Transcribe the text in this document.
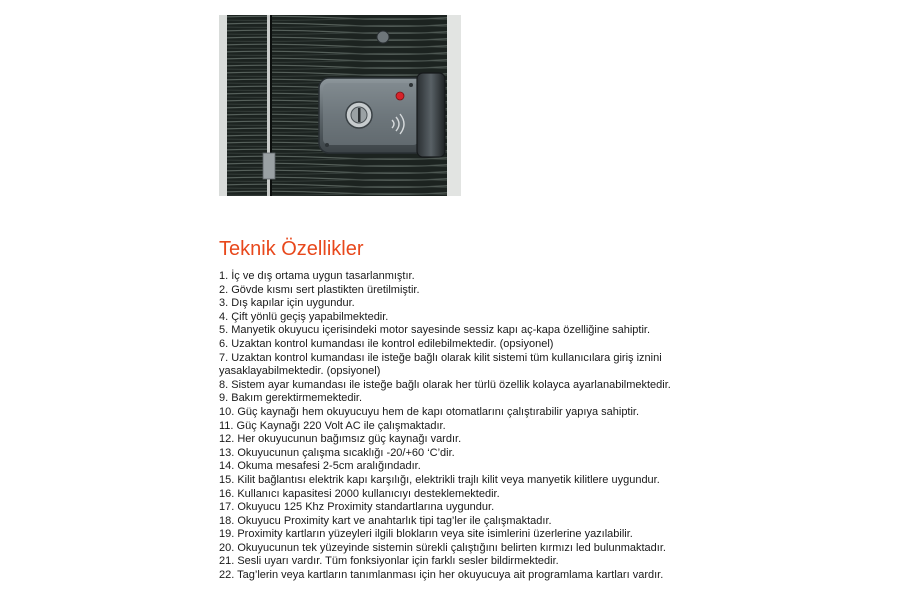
Teknik Özellikler
1. İç ve dış ortama uygun tasarlanmıştır.
2. Gövde kısmı sert plastikten üretilmiştir.
3. Dış kapılar için uygundur.
4. Çift yönlü geçiş yapabilmektedir.
5. Manyetik okuyucu içerisindeki motor sayesinde sessiz kapı aç-kapa özelliğine sahiptir.
6. Uzaktan kontrol kumandası ile kontrol edilebilmektedir. (opsiyonel)
7. Uzaktan kontrol kumandası ile isteğe bağlı olarak kilit sistemi tüm kullanıcılara giriş iznini yasaklayabilmektedir. (opsiyonel)
8. Sistem ayar kumandası ile isteğe bağlı olarak her türlü özellik kolayca ayarlanabilmektedir.
9. Bakım gerektirmemektedir.
10. Güç kaynağı hem okuyucuyu hem de kapı otomatlarını çalıştırabilir yapıya sahiptir.
11. Güç Kaynağı 220 Volt AC ile çalışmaktadır.
12. Her okuyucunun bağımsız güç kaynağı vardır.
13. Okuyucunun çalışma sıcaklığı -20/+60 ‘C’dir.
14. Okuma mesafesi 2-5cm aralığındadır.
15. Kilit bağlantısı elektrik kapı karşılığı, elektrikli trajlı kilit veya manyetik kilitlere uygundur.
16. Kullanıcı kapasitesi 2000 kullanıcıyı desteklemektedir.
17. Okuyucu 125 Khz Proximity standartlarına uygundur.
18. Okuyucu Proximity kart ve anahtarlık tipi tag’ler ile çalışmaktadır.
19. Proximity kartların yüzeyleri ilgili blokların veya site isimlerini üzerlerine yazılabilir.
20. Okuyucunun tek yüzeyinde sistemin sürekli çalıştığını belirten kırmızı led bulunmaktadır.
21. Sesli uyarı vardır. Tüm fonksiyonlar için farklı sesler bildirmektedir.
22. Tag’lerin veya kartların tanımlanması için her okuyucuya ait programlama kartları vardır.
